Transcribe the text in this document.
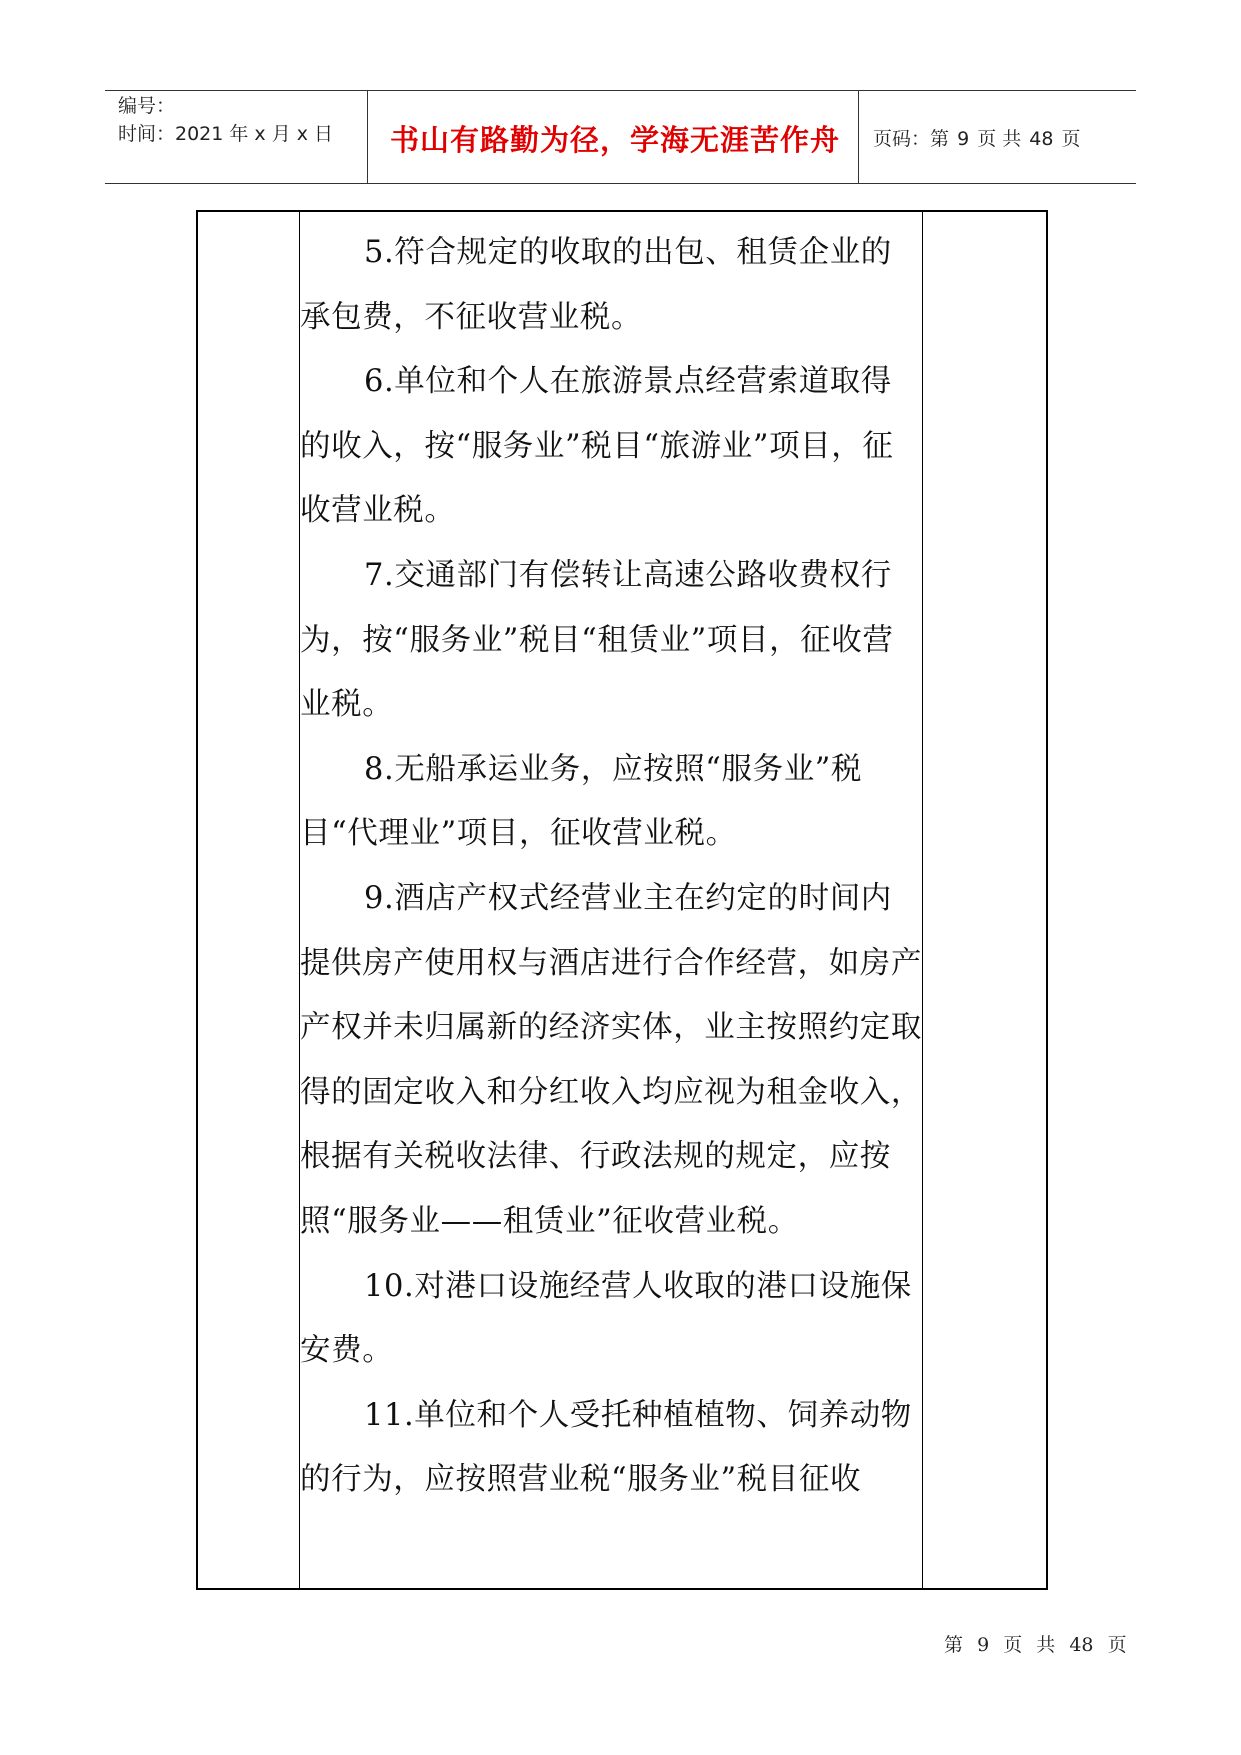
编号：
时间：2021 年 x 月 x 日	书山有路勤为径，学海无涯苦作舟	页码：第 9 页 共 48 页

5.符合规定的收取的出包、租赁企业的承包费，不征收营业税。

6.单位和个人在旅游景点经营索道取得的收入，按“服务业”税目“旅游业”项目，征收营业税。

7.交通部门有偿转让高速公路收费权行为，按“服务业”税目“租赁业”项目，征收营业税。

8.无船承运业务，应按照“服务业”税目“代理业”项目，征收营业税。

9.酒店产权式经营业主在约定的时间内提供房产使用权与酒店进行合作经营，如房产产权并未归属新的经济实体，业主按照约定取得的固定收入和分红收入均应视为租金收入，根据有关税收法律、行政法规的规定，应按照“服务业——租赁业”征收营业税。

10.对港口设施经营人收取的港口设施保安费。

11.单位和个人受托种植植物、饲养动物的行为，应按照营业税“服务业”税目征收

第 9 页 共 48 页
